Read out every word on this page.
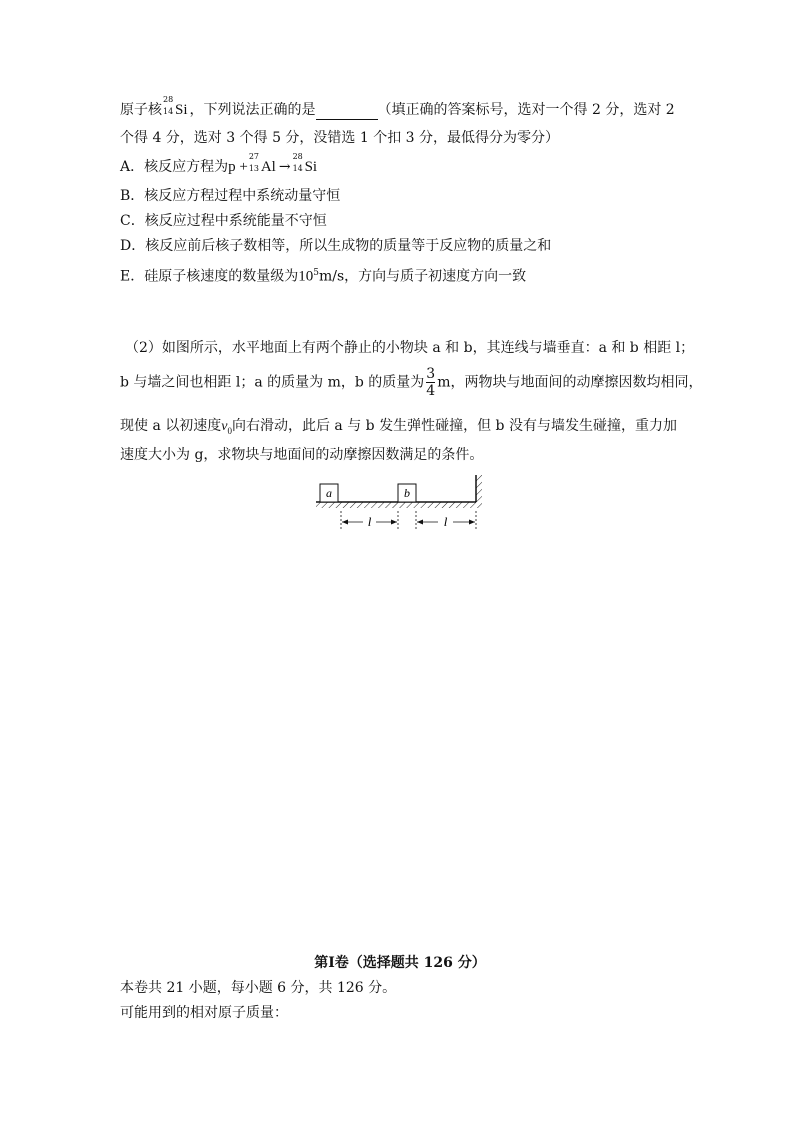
原子核
28
14 Si ，下列说法正确的是	（填正确的答案标号，选对一个得 2 分，选对 2
个得 4 分，选对 3 个得 5 分，没错选 1 个扣 3 分，最低得分为零分）
A．核反应方程为p +
27
13 Al →
28
14 Si
B．核反应方程过程中系统动量守恒
C．核反应过程中系统能量不守恒
D．核反应前后核子数相等，所以生成物的质量等于反应物的质量之和
E．硅原子核速度的数量级为$10^5m/s$，方向与质子初速度方向一致
（2）如图所示，水平地面上有两个静止的小物块 a 和 b，其连线与墙垂直：a 和 b 相距 l；
b 与墙之间也相距 l；a 的质量为 m，b 的质量为 $\frac{3}{4}$ m，两物块与地面间的动摩擦因数均相同，
现使 a 以初速度$v_0$向右滑动，此后 a 与 b 发生弹性碰撞，但 b 没有与墙发生碰撞，重力加
速度大小为 g，求物块与地面间的动摩擦因数满足的条件。
a	b
l	l
第Ⅰ卷（选择题共 126 分）
本卷共 21 小题，每小题 6 分，共 126 分。
可能用到的相对原子质量：
